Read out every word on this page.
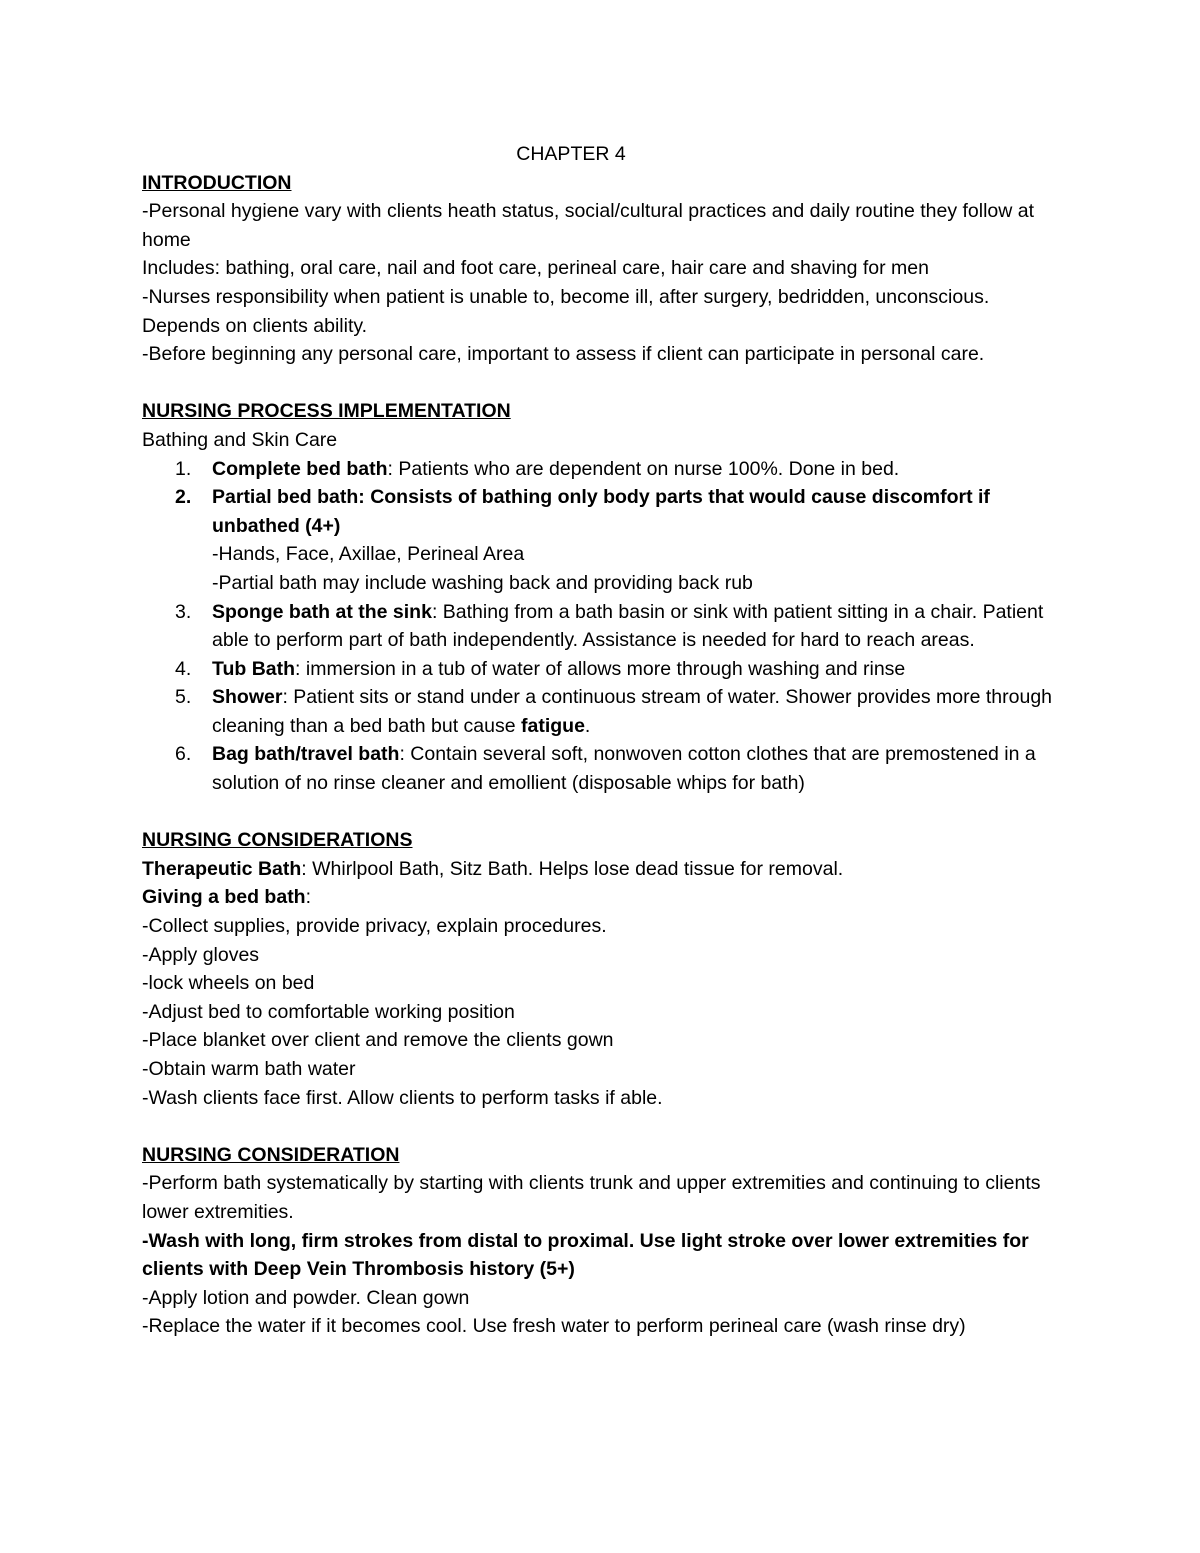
CHAPTER 4

INTRODUCTION

-Personal hygiene vary with clients heath status, social/cultural practices and daily routine they follow at home

Includes: bathing, oral care, nail and foot care, perineal care, hair care and shaving for men

-Nurses responsibility when patient is unable to, become ill, after surgery, bedridden, unconscious. Depends on clients ability.

-Before beginning any personal care, important to assess if client can participate in personal care.

NURSING PROCESS IMPLEMENTATION

Bathing and Skin Care

1. Complete bed bath: Patients who are dependent on nurse 100%. Done in bed.
2. Partial bed bath: Consists of bathing only body parts that would cause discomfort if unbathed (4+)

-Hands, Face, Axillae, Perineal Area

-Partial bath may include washing back and providing back rub

3. Sponge bath at the sink: Bathing from a bath basin or sink with patient sitting in a chair. Patient able to perform part of bath independently. Assistance is needed for hard to reach areas.
4. Tub Bath: immersion in a tub of water of allows more through washing and rinse
5. Shower: Patient sits or stand under a continuous stream of water. Shower provides more through cleaning than a bed bath but cause fatigue.
6. Bag bath/travel bath: Contain several soft, nonwoven cotton clothes that are premostened in a solution of no rinse cleaner and emollient (disposable whips for bath)

NURSING CONSIDERATIONS

Therapeutic Bath: Whirlpool Bath, Sitz Bath. Helps lose dead tissue for removal.

Giving a bed bath:

-Collect supplies, provide privacy, explain procedures.

-Apply gloves

-lock wheels on bed

-Adjust bed to comfortable working position

-Place blanket over client and remove the clients gown

-Obtain warm bath water

-Wash clients face first. Allow clients to perform tasks if able.

NURSING CONSIDERATION

-Perform bath systematically by starting with clients trunk and upper extremities and continuing to clients lower extremities.

-Wash with long, firm strokes from distal to proximal. Use light stroke over lower extremities for clients with Deep Vein Thrombosis history (5+)

-Apply lotion and powder. Clean gown

-Replace the water if it becomes cool. Use fresh water to perform perineal care (wash rinse dry)
